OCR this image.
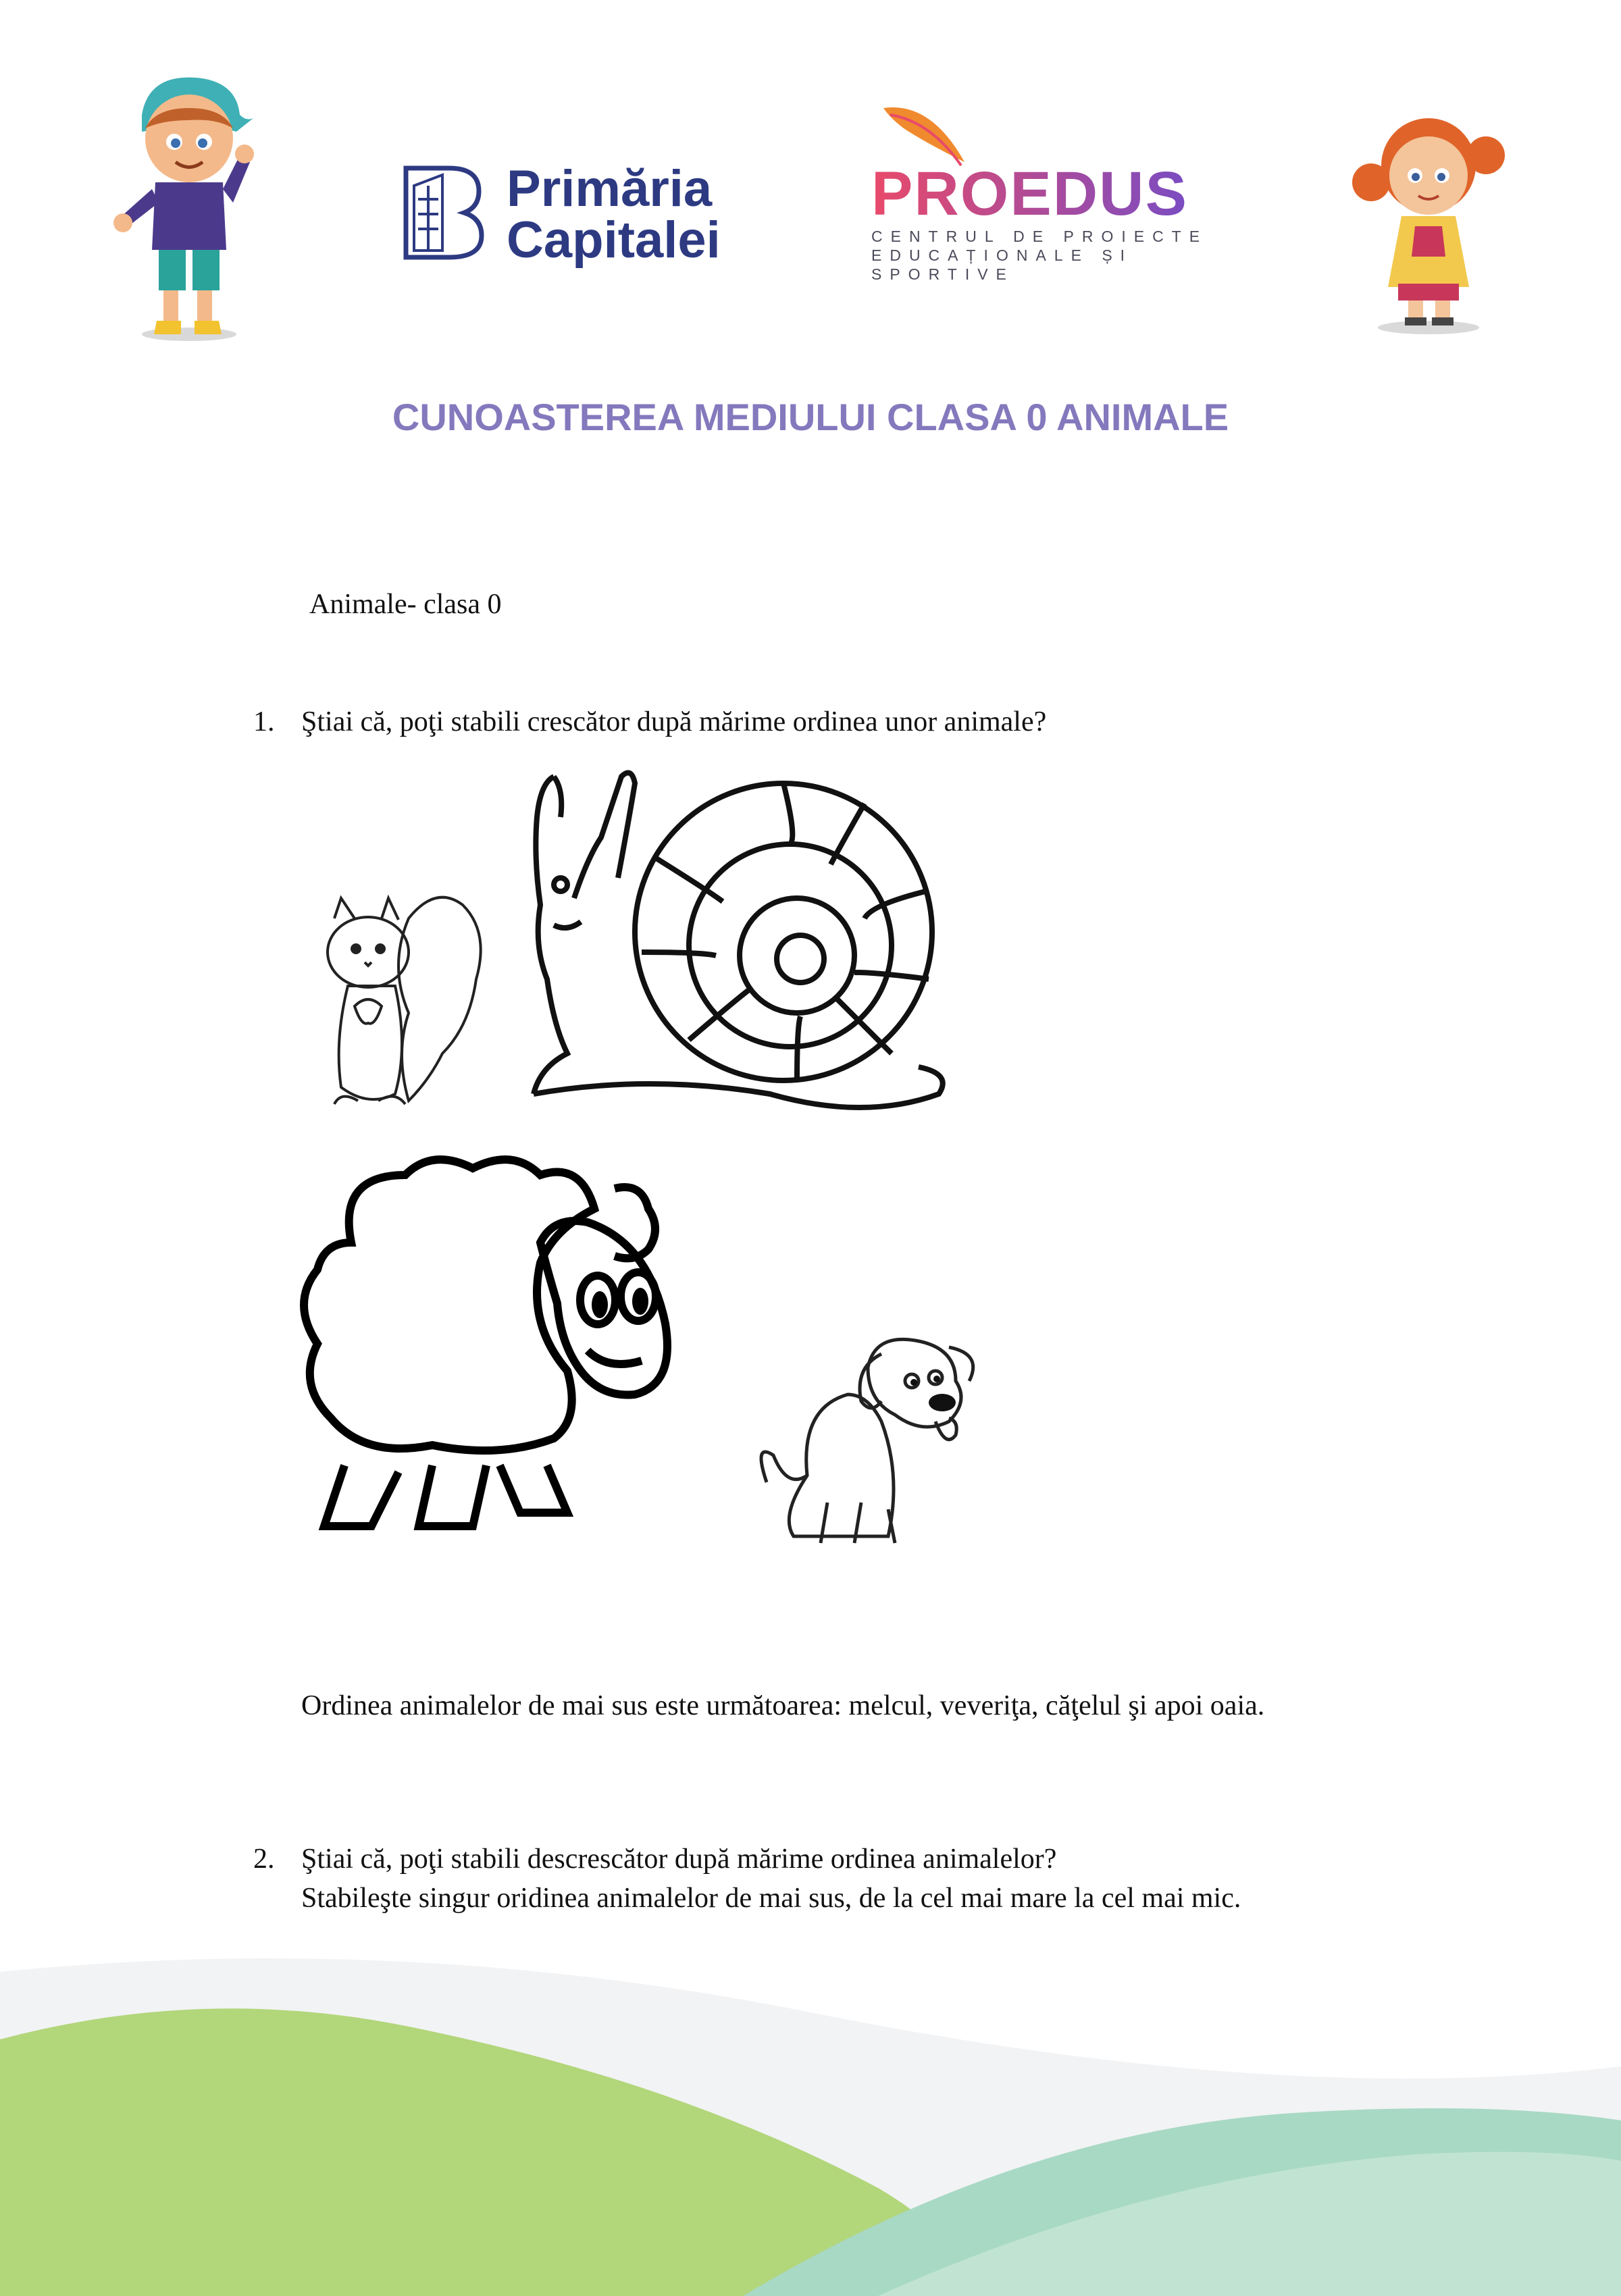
Primăria
Capitalei
PROEDUS
CENTRUL DE PROIECTE
EDUCAȚIONALE ȘI SPORTIVE
CUNOASTEREA MEDIULUI CLASA 0 ANIMALE
Animale- clasa 0
1. Ştiai că, poţi stabili crescător după mărime ordinea unor animale?
Ordinea animalelor de mai sus este următoarea: melcul, veveriţa, căţelul şi apoi oaia.
2. Ştiai că, poţi stabili descrescător după mărime ordinea animalelor?
Stabileşte singur oridinea animalelor de mai sus, de la cel mai mare la cel mai mic.
